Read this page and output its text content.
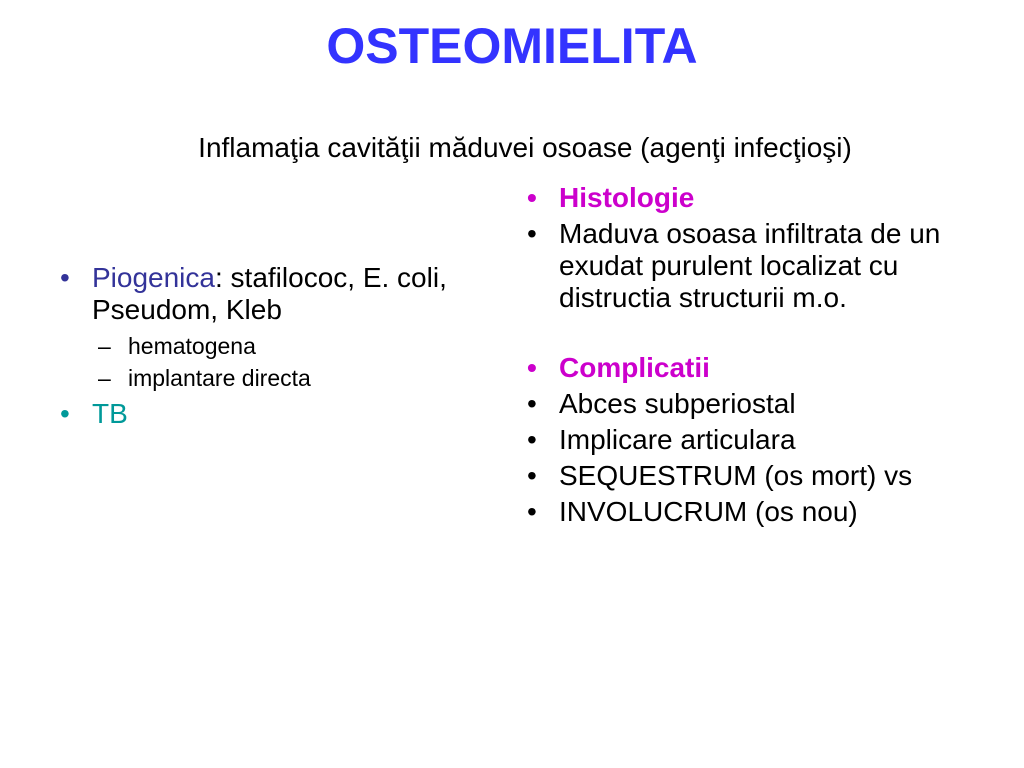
OSTEOMIELITA
Inflamaţia cavităţii măduvei osoase (agenţi infecţioşi)
• Piogenica: stafilococ, E. coli, Pseudom, Kleb
– hematogena
– implantare directa
• TB
• Histologie
• Maduva osoasa infiltrata de un exudat purulent localizat cu distructia structurii m.o.
• Complicatii
• Abces subperiostal
• Implicare articulara
• SEQUESTRUM (os mort) vs
• INVOLUCRUM (os nou)
